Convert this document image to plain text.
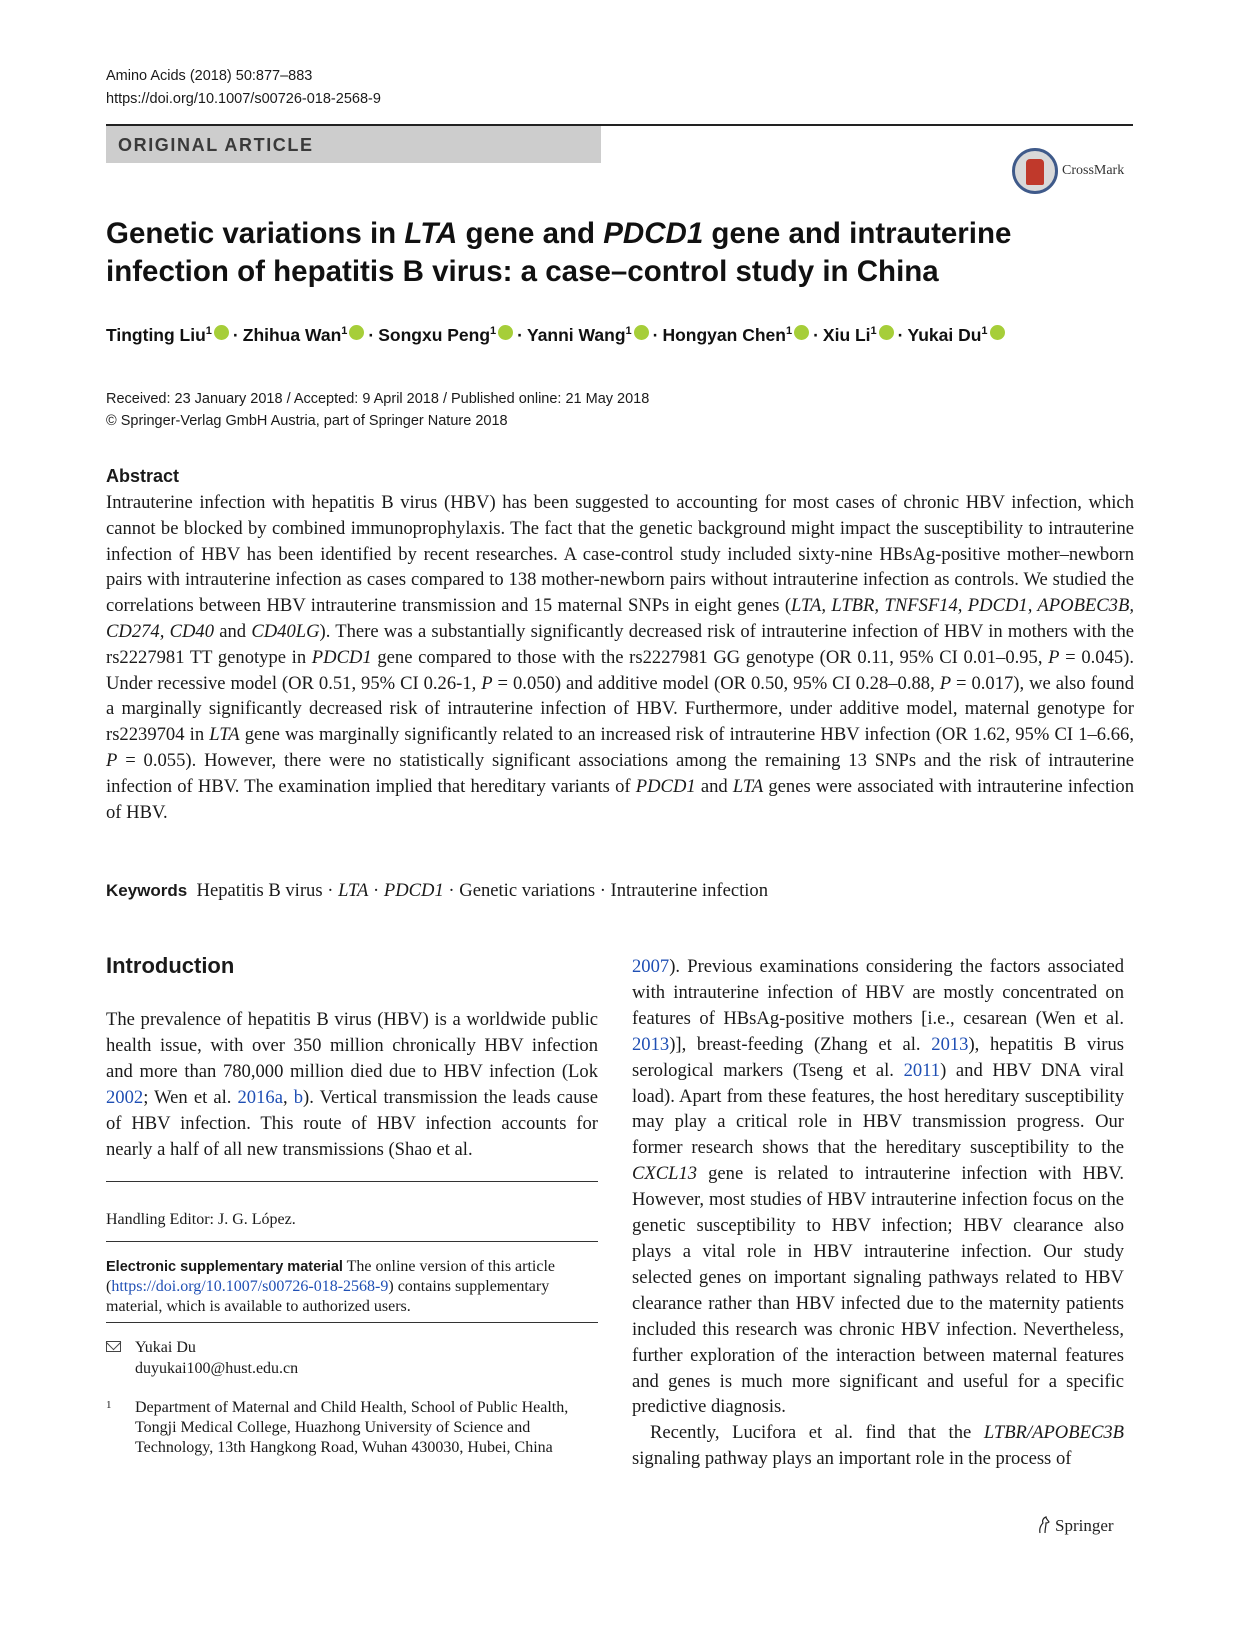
Amino Acids (2018) 50:877–883
https://doi.org/10.1007/s00726-018-2568-9
ORIGINAL ARTICLE
CrossMark
Genetic variations in LTA gene and PDCD1 gene and intrauterine infection of hepatitis B virus: a case–control study in China
Tingting Liu$^1$ · Zhihua Wan$^1$ · Songxu Peng$^1$ · Yanni Wang$^1$ · Hongyan Chen$^1$ · Xiu $Li^1$ · Yukai Du$^1$
Received: 23 January 2018 / Accepted: 9 April 2018 / Published online: 21 May 2018
© Springer-Verlag GmbH Austria, part of Springer Nature 2018
Abstract

Intrauterine infection with hepatitis B virus (HBV) has been suggested to accounting for most cases of chronic HBV infection, which cannot be blocked by combined immunoprophylaxis. The fact that the genetic background might impact the susceptibility to intrauterine infection of HBV has been identified by recent researches. A case-control study included sixty-nine HBsAg-positive mother–newborn pairs with intrauterine infection as cases compared to 138 mother-newborn pairs without intrauterine infection as controls. We studied the correlations between HBV intrauterine transmission and 15 maternal SNPs in eight genes (LTA, LTBR, TNFSF14, PDCD1, APOBEC3B, CD274, CD40 and CD40LG). There was a substantially significantly decreased risk of intrauterine infection of HBV in mothers with the rs2227981 TT genotype in PDCD1 gene compared to those with the rs2227981 GG genotype (OR 0.11, 95% CI 0.01–0.95, P = 0.045). Under recessive model (OR 0.51, 95% CI 0.26-1, P = 0.050) and additive model (OR 0.50, 95% CI 0.28–0.88, P = 0.017), we also found a marginally significantly decreased risk of intrauterine infection of HBV. Furthermore, under additive model, maternal genotype for rs2239704 in LTA gene was marginally significantly related to an increased risk of intrauterine HBV infection (OR 1.62, 95% CI 1–6.66, P = 0.055). However, there were no statistically significant associations among the remaining 13 SNPs and the risk of intrauterine infection of HBV. The examination implied that hereditary variants of PDCD1 and LTA genes were associated with intrauterine infection of HBV.

Keywords Hepatitis B virus · LTA · PDCD1 · Genetic variations · Intrauterine infection
Introduction

The prevalence of hepatitis B virus (HBV) is a worldwide public health issue, with over 350 million chronically HBV infection and more than 780,000 million died due to HBV infection (Lok 2002; Wen et al. 2016a, b). Vertical transmission the leads cause of HBV infection. This route of HBV infection accounts for nearly a half of all new transmissions (Shao et al.

2007). Previous examinations considering the factors associated with intrauterine infection of HBV are mostly concentrated on features of HBsAg-positive mothers [i.e., cesarean (Wen et al. 2013)], breast-feeding (Zhang et al. 2013), hepatitis B virus serological markers (Tseng et al. 2011) and HBV DNA viral load). Apart from these features, the host hereditary susceptibility may play a critical role in HBV transmission progress. Our former research shows that the hereditary susceptibility to the CXCL13 gene is related to intrauterine infection with HBV. However, most studies of HBV intrauterine infection focus on the genetic susceptibility to HBV infection; HBV clearance also plays a vital role in HBV intrauterine infection. Our study selected genes on important signaling pathways related to HBV clearance rather than HBV infected due to the maternity patients included this research was chronic HBV infection. Nevertheless, further exploration of the interaction between maternal features and genes is much more significant and useful for a specific predictive diagnosis.

Recently, Lucifora et al. find that the LTBR/APOBEC3B signaling pathway plays an important role in the process of

Handling Editor: J. G. López.
Electronic supplementary material The online version of this article (https://doi.org/10.1007/s00726-018-2568-9) contains supplementary material, which is available to authorized users.
Yukai Du
duyukai100@hust.edu.cn
1 Department of Maternal and Child Health, School of Public Health, Tongji Medical College, Huazhong University of Science and Technology, 13th Hangkong Road, Wuhan 430030, Hubei, China
Springer
